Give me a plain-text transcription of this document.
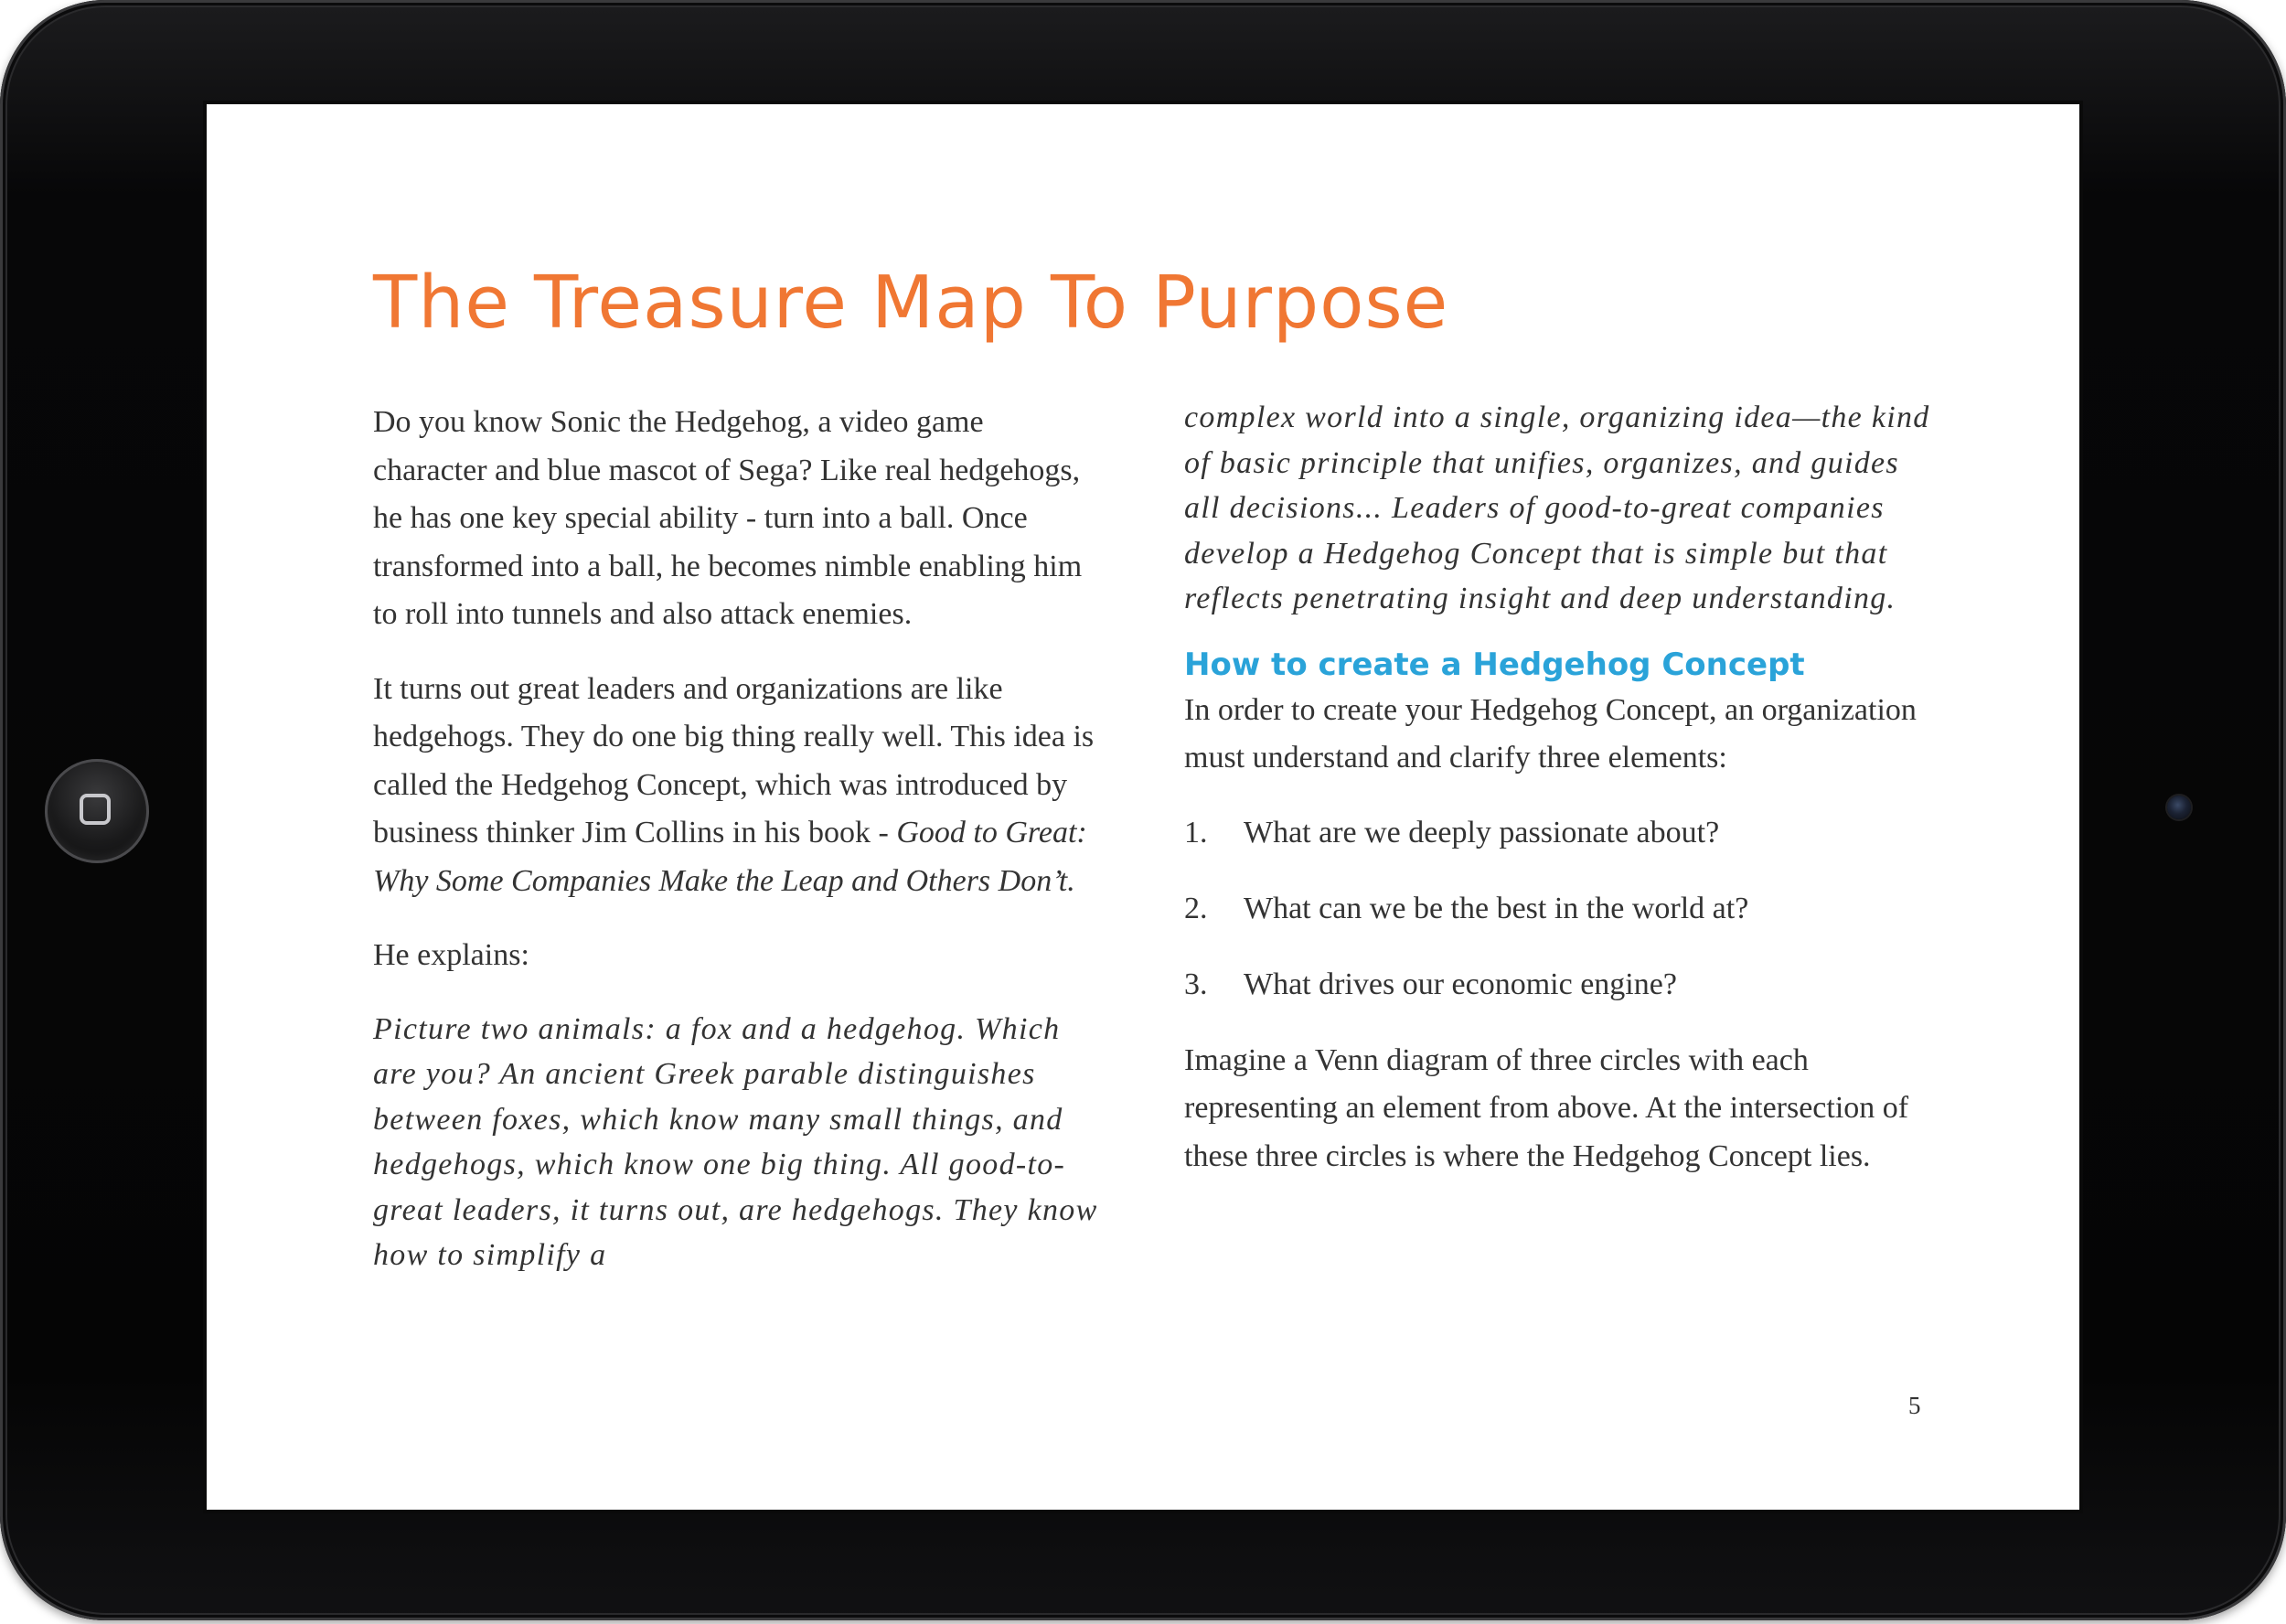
The Treasure Map To Purpose

Do you know Sonic the Hedgehog, a video game character and blue mascot of Sega? Like real hedgehogs, he has one key special ability - turn into a ball. Once transformed into a ball, he becomes nimble enabling him to roll into tunnels and also attack enemies.

It turns out great leaders and organizations are like hedgehogs. They do one big thing really well. This idea is called the Hedgehog Concept, which was introduced by business thinker Jim Collins in his book - Good to Great: Why Some Companies Make the Leap and Others Don’t.

He explains:

Picture two animals: a fox and a hedgehog. Which are you? An ancient Greek parable distinguishes between foxes, which know many small things, and hedgehogs, which know one big thing. All good-to-great leaders, it turns out, are hedgehogs. They know how to simplify a

complex world into a single, organizing idea—the kind of basic principle that unifies, organizes, and guides all decisions... Leaders of good-to-great companies develop a Hedgehog Concept that is simple but that reflects penetrating insight and deep understanding.

How to create a Hedgehog Concept

In order to create your Hedgehog Concept, an organization must understand and clarify three elements:

1.	What are we deeply passionate about?
2.	What can we be the best in the world at?
3.	What drives our economic engine?

Imagine a Venn diagram of three circles with each representing an element from above. At the intersection of these three circles is where the Hedgehog Concept lies.

5
